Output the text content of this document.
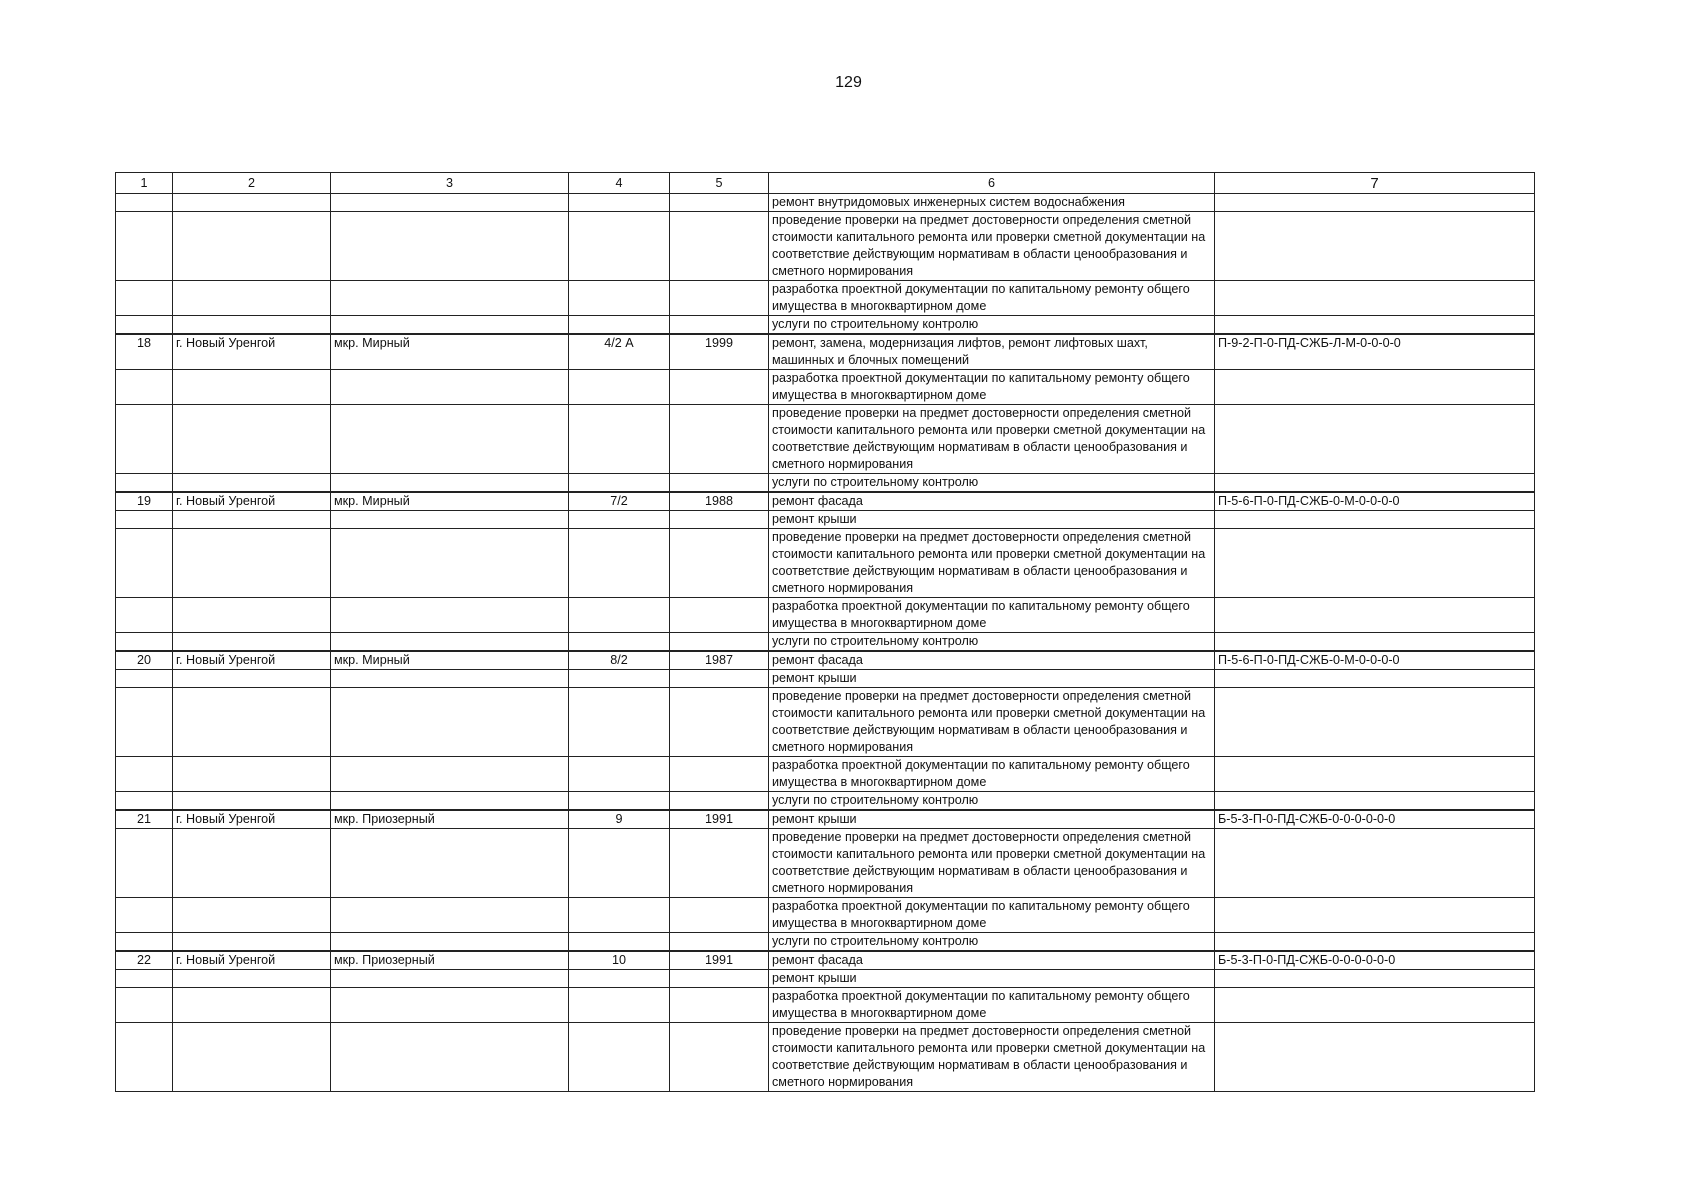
129
1	2	3	4	5	6	7
					ремонт внутридомовых инженерных систем водоснабжения	
					проведение проверки на предмет достоверности определения сметной стоимости капитального ремонта или проверки сметной документации на соответствие действующим нормативам в области ценообразования и сметного нормирования	
					разработка проектной документации по капитальному ремонту общего имущества в многоквартирном доме	
					услуги по строительному контролю	
18	г. Новый Уренгой	мкр. Мирный	4/2 А	1999	ремонт, замена, модернизация лифтов, ремонт лифтовых шахт, машинных и блочных помещений	П-9-2-П-0-ПД-СЖБ-Л-М-0-0-0-0
					разработка проектной документации по капитальному ремонту общего имущества в многоквартирном доме	
					проведение проверки на предмет достоверности определения сметной стоимости капитального ремонта или проверки сметной документации на соответствие действующим нормативам в области ценообразования и сметного нормирования	
					услуги по строительному контролю	
19	г. Новый Уренгой	мкр. Мирный	7/2	1988	ремонт фасада	П-5-6-П-0-ПД-СЖБ-0-М-0-0-0-0
					ремонт крыши	
					проведение проверки на предмет достоверности определения сметной стоимости капитального ремонта или проверки сметной документации на соответствие действующим нормативам в области ценообразования и сметного нормирования	
					разработка проектной документации по капитальному ремонту общего имущества в многоквартирном доме	
					услуги по строительному контролю	
20	г. Новый Уренгой	мкр. Мирный	8/2	1987	ремонт фасада	П-5-6-П-0-ПД-СЖБ-0-М-0-0-0-0
					ремонт крыши	
					проведение проверки на предмет достоверности определения сметной стоимости капитального ремонта или проверки сметной документации на соответствие действующим нормативам в области ценообразования и сметного нормирования	
					разработка проектной документации по капитальному ремонту общего имущества в многоквартирном доме	
					услуги по строительному контролю	
21	г. Новый Уренгой	мкр. Приозерный	9	1991	ремонт крыши	Б-5-3-П-0-ПД-СЖБ-0-0-0-0-0-0
					проведение проверки на предмет достоверности определения сметной стоимости капитального ремонта или проверки сметной документации на соответствие действующим нормативам в области ценообразования и сметного нормирования	
					разработка проектной документации по капитальному ремонту общего имущества в многоквартирном доме	
					услуги по строительному контролю	
22	г. Новый Уренгой	мкр. Приозерный	10	1991	ремонт фасада	Б-5-3-П-0-ПД-СЖБ-0-0-0-0-0-0
					ремонт крыши	
					разработка проектной документации по капитальному ремонту общего имущества в многоквартирном доме	
					проведение проверки на предмет достоверности определения сметной стоимости капитального ремонта или проверки сметной документации на соответствие действующим нормативам в области ценообразования и сметного нормирования	
